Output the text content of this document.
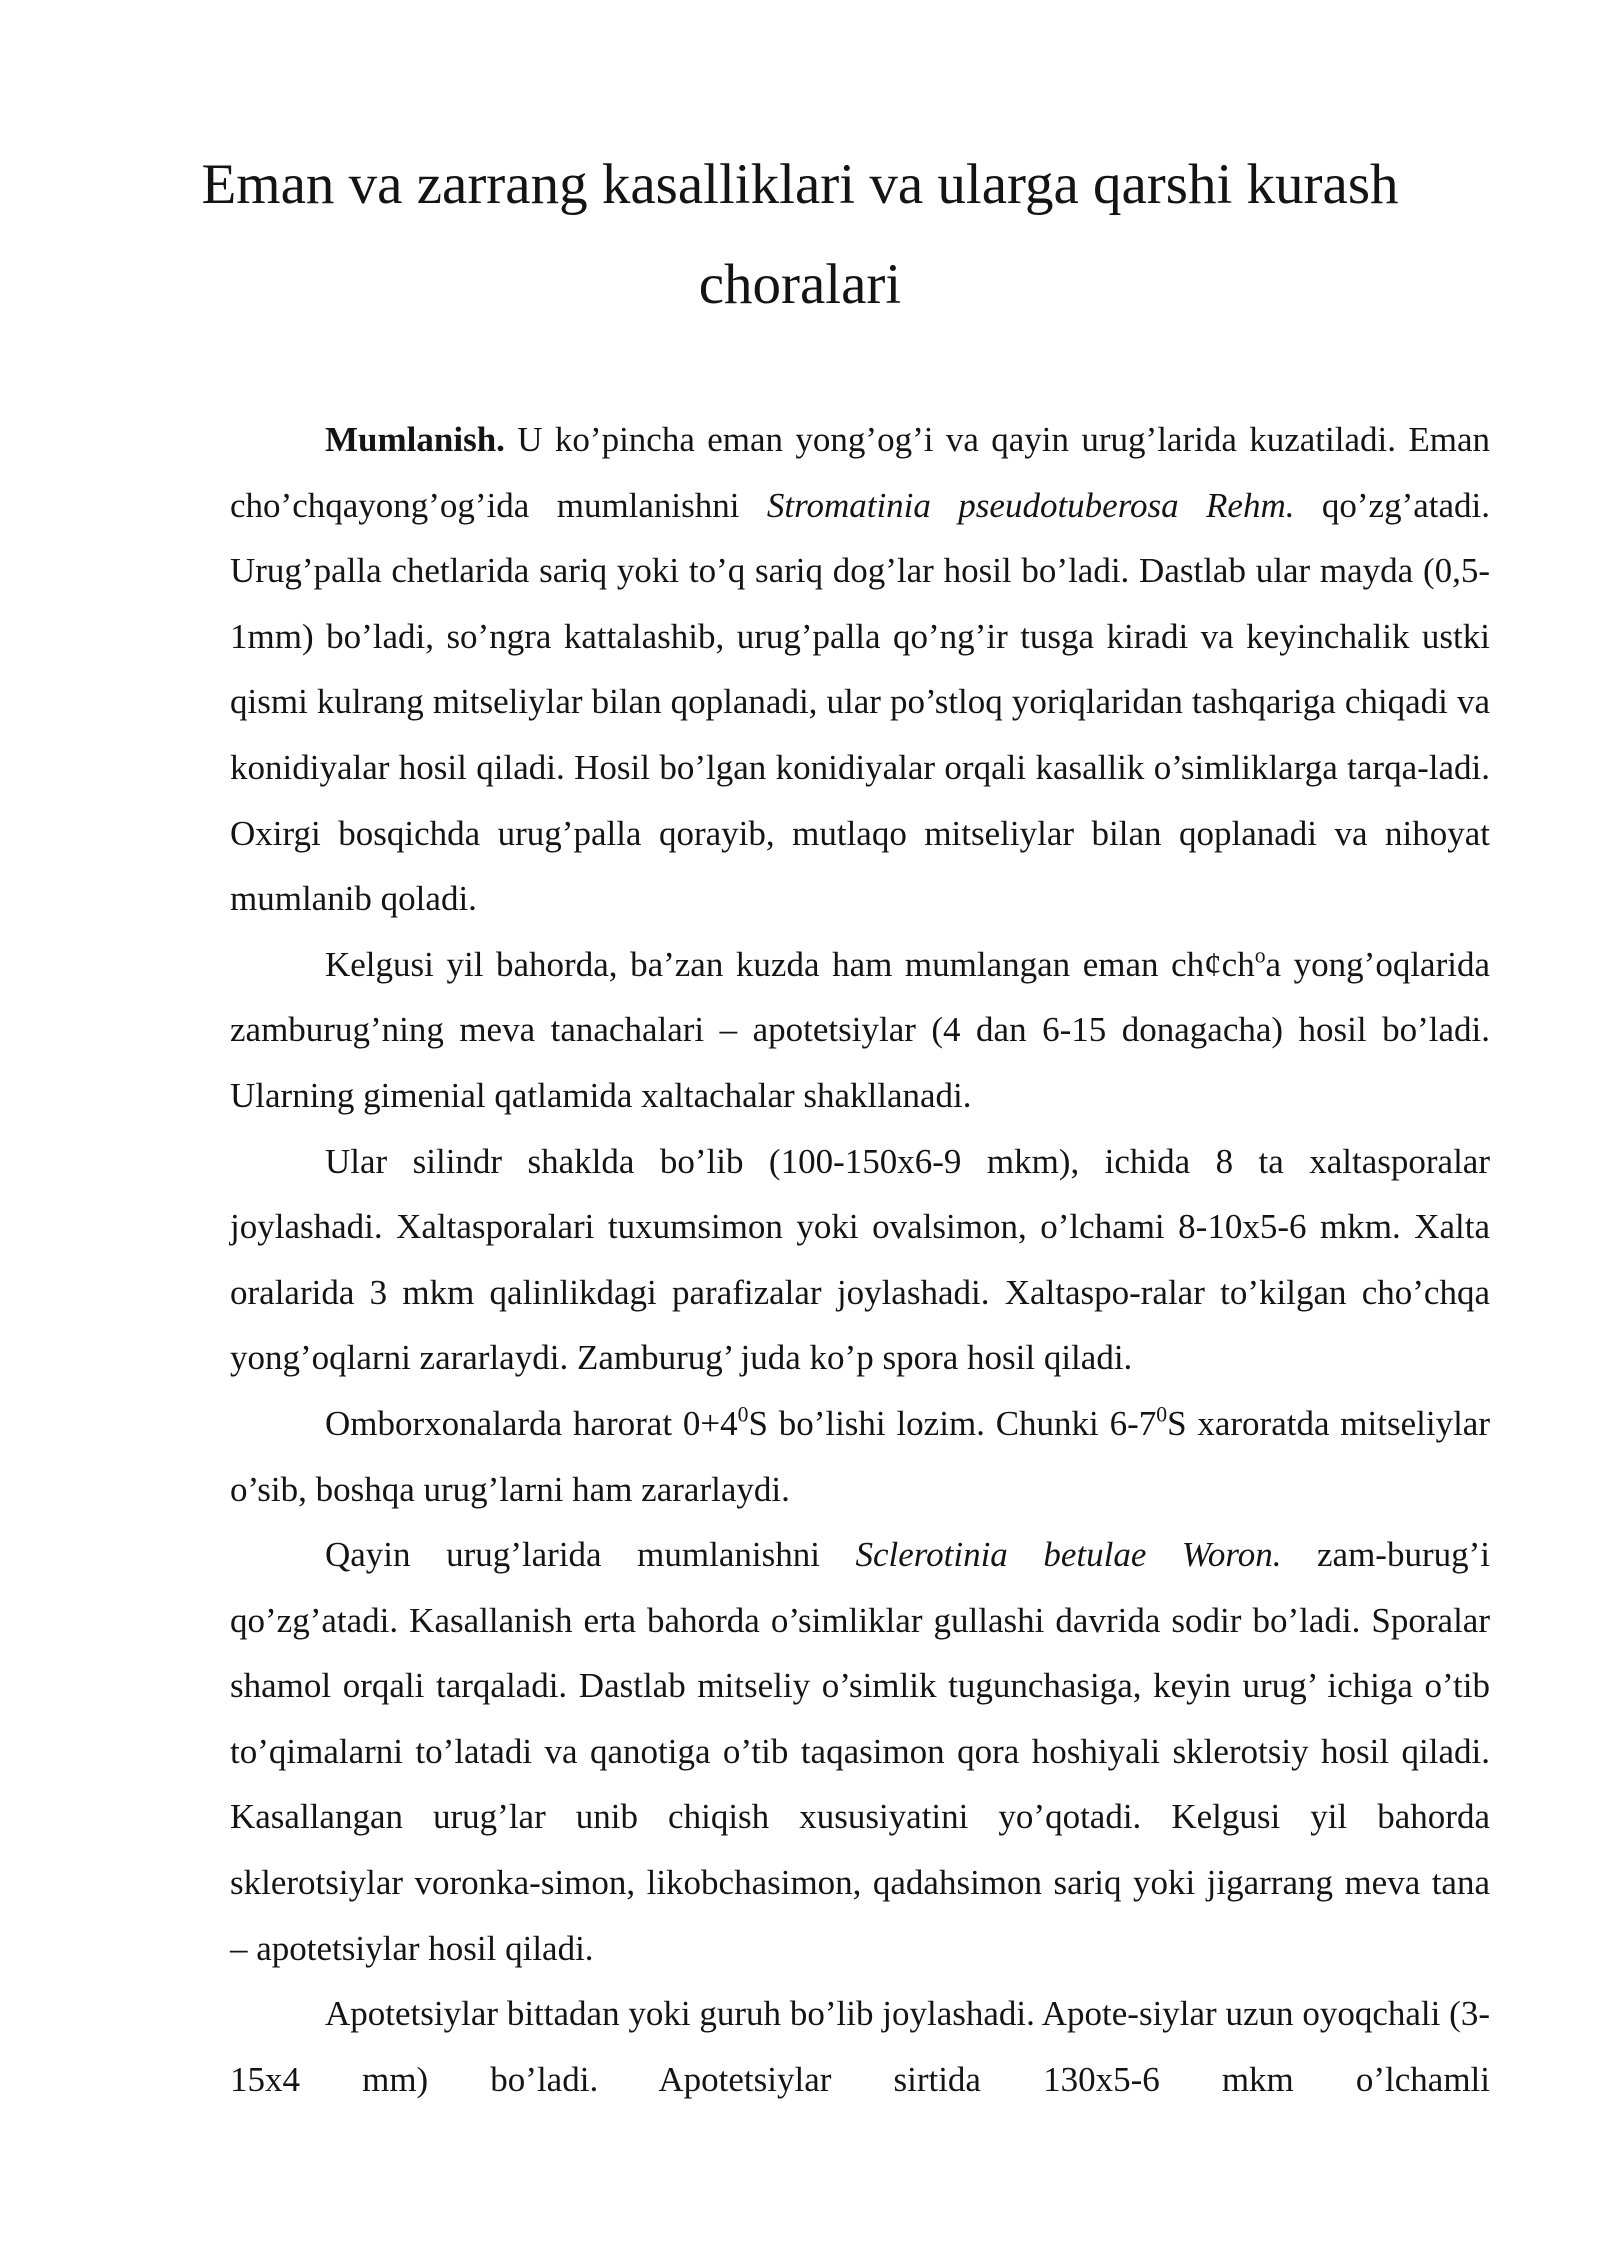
Eman va zarrang kasalliklari va ularga qarshi kurash choralari

Mumlanish. U ko’pincha eman yong’og’i va qayin urug’larida kuzatiladi. Eman cho’chqayong’og’ida mumlanishni Stromatinia pseudotuberosa Rehm. qo’zg’atadi. Urug’palla chetlarida sariq yoki to’q sariq dog’lar hosil bo’ladi. Dastlab ular mayda (0,5-1mm) bo’ladi, so’ngra kattalashib, urug’palla qo’ng’ir tusga kiradi va keyinchalik ustki qismi kulrang mitseliylar bilan qoplanadi, ular po’stloq yoriqlaridan tashqariga chiqadi va konidiyalar hosil qiladi. Hosil bo’lgan konidiyalar orqali kasallik o’simliklarga tarqa-ladi. Oxirgi bosqichda urug’palla qorayib, mutlaqo mitseliylar bilan qoplanadi va nihoyat mumlanib qoladi.

Kelgusi yil bahorda, ba’zan kuzda ham mumlangan eman $ch¢ch^oa$ yong’oqlarida zamburug’ning meva tanachalari – apotetsiylar (4 dan 6-15 donagacha) hosil bo’ladi. Ularning gimenial qatlamida xaltachalar shakllanadi.

Ular silindr shaklda bo’lib (100-150x6-9 mkm), ichida 8 ta xaltasporalar joylashadi. Xaltasporalari tuxumsimon yoki ovalsimon, o’lchami 8-10x5-6 mkm. Xalta oralarida 3 mkm qalinlikdagi parafizalar joylashadi. Xaltaspo-ralar to’kilgan cho’chqa yong’oqlarni zararlaydi. Zamburug’ juda ko’p spora hosil qiladi.

Omborxonalarda harorat $0+4^0S$ bo’lishi lozim. Chunki $6-7^0S$ xaroratda mitseliylar o’sib, boshqa urug’larni ham zararlaydi.

Qayin urug’larida mumlanishni Sclerotinia betulae Woron. zam-burug’i qo’zg’atadi. Kasallanish erta bahorda o’simliklar gullashi davrida sodir bo’ladi. Sporalar shamol orqali tarqaladi. Dastlab mitseliy o’simlik tugunchasiga, keyin urug’ ichiga o’tib to’qimalarni to’latadi va qanotiga o’tib taqasimon qora hoshiyali sklerotsiy hosil qiladi. Kasallangan urug’lar unib chiqish xususiyatini yo’qotadi. Kelgusi yil bahorda sklerotsiylar voronka-simon, likobchasimon, qadahsimon sariq yoki jigarrang meva tana – apotetsiylar hosil qiladi.

Apotetsiylar bittadan yoki guruh bo’lib joylashadi. Apote-siylar uzun oyoqchali (3-15x4 mm) bo’ladi. Apotetsiylar sirtida 130x5-6 mkm o’lchamli
